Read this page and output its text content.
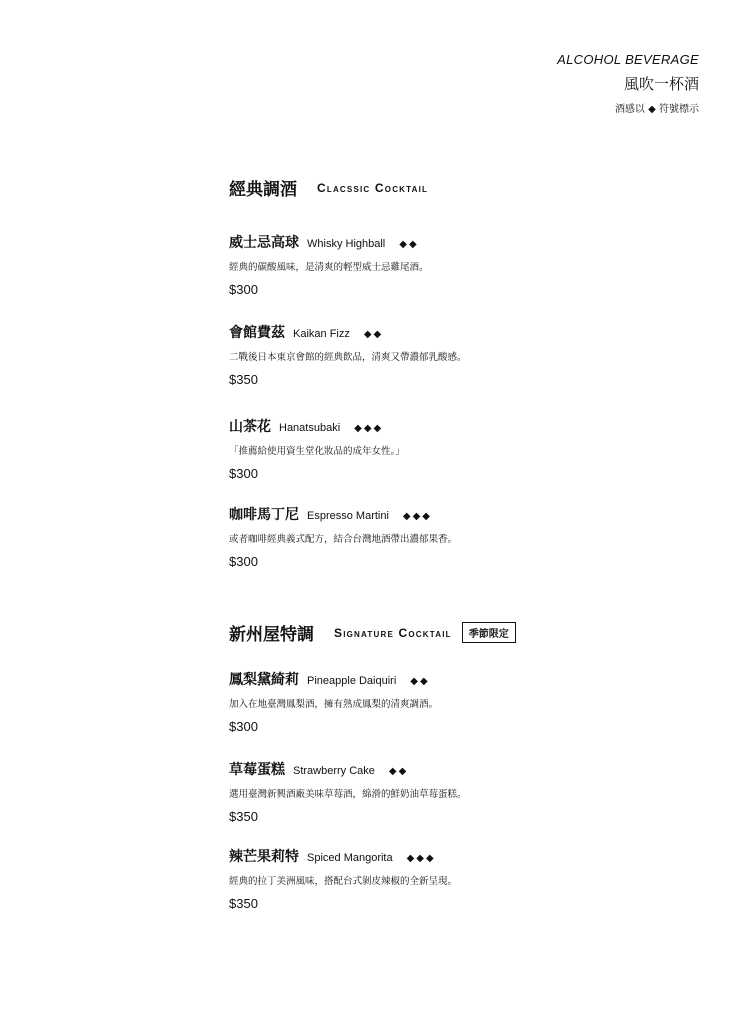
ALCOHOL BEVERAGE
風吹一杯酒
酒感以 ◆ 符號標示
經典調酒 Clacssic Cocktail
威士忌高球 Whisky Highball ◆◆
經典的碳酸風味，是清爽的輕型威士忌雞尾酒。
$300
會館費茲 Kaikan Fizz ◆◆
二戰後日本東京會館的經典飲品，清爽又帶濃郁乳酸感。
$350
山茶花 Hanatsubaki ◆◆◆
「推薦給使用資生堂化妝品的成年女性。」
$300
咖啡馬丁尼 Espresso Martini ◆◆◆
或者咖啡經典義式配方，結合台灣地酒帶出濃郁果香。
$300
新州屋特調 Signature Cocktail	季節限定
鳳梨黛綺莉 Pineapple Daiquiri ◆◆
加入在地臺灣鳳梨酒，擁有熟成鳳梨的清爽調酒。
$300
草莓蛋糕 Strawberry Cake ◆◆
選用臺灣新興酒廠美味草莓酒，綿滑的鮮奶油草莓蛋糕。
$350
辣芒果莉特 Spiced Mangorita ◆◆◆
經典的拉丁美洲風味，搭配台式剝皮辣椒的全新呈現。
$350
